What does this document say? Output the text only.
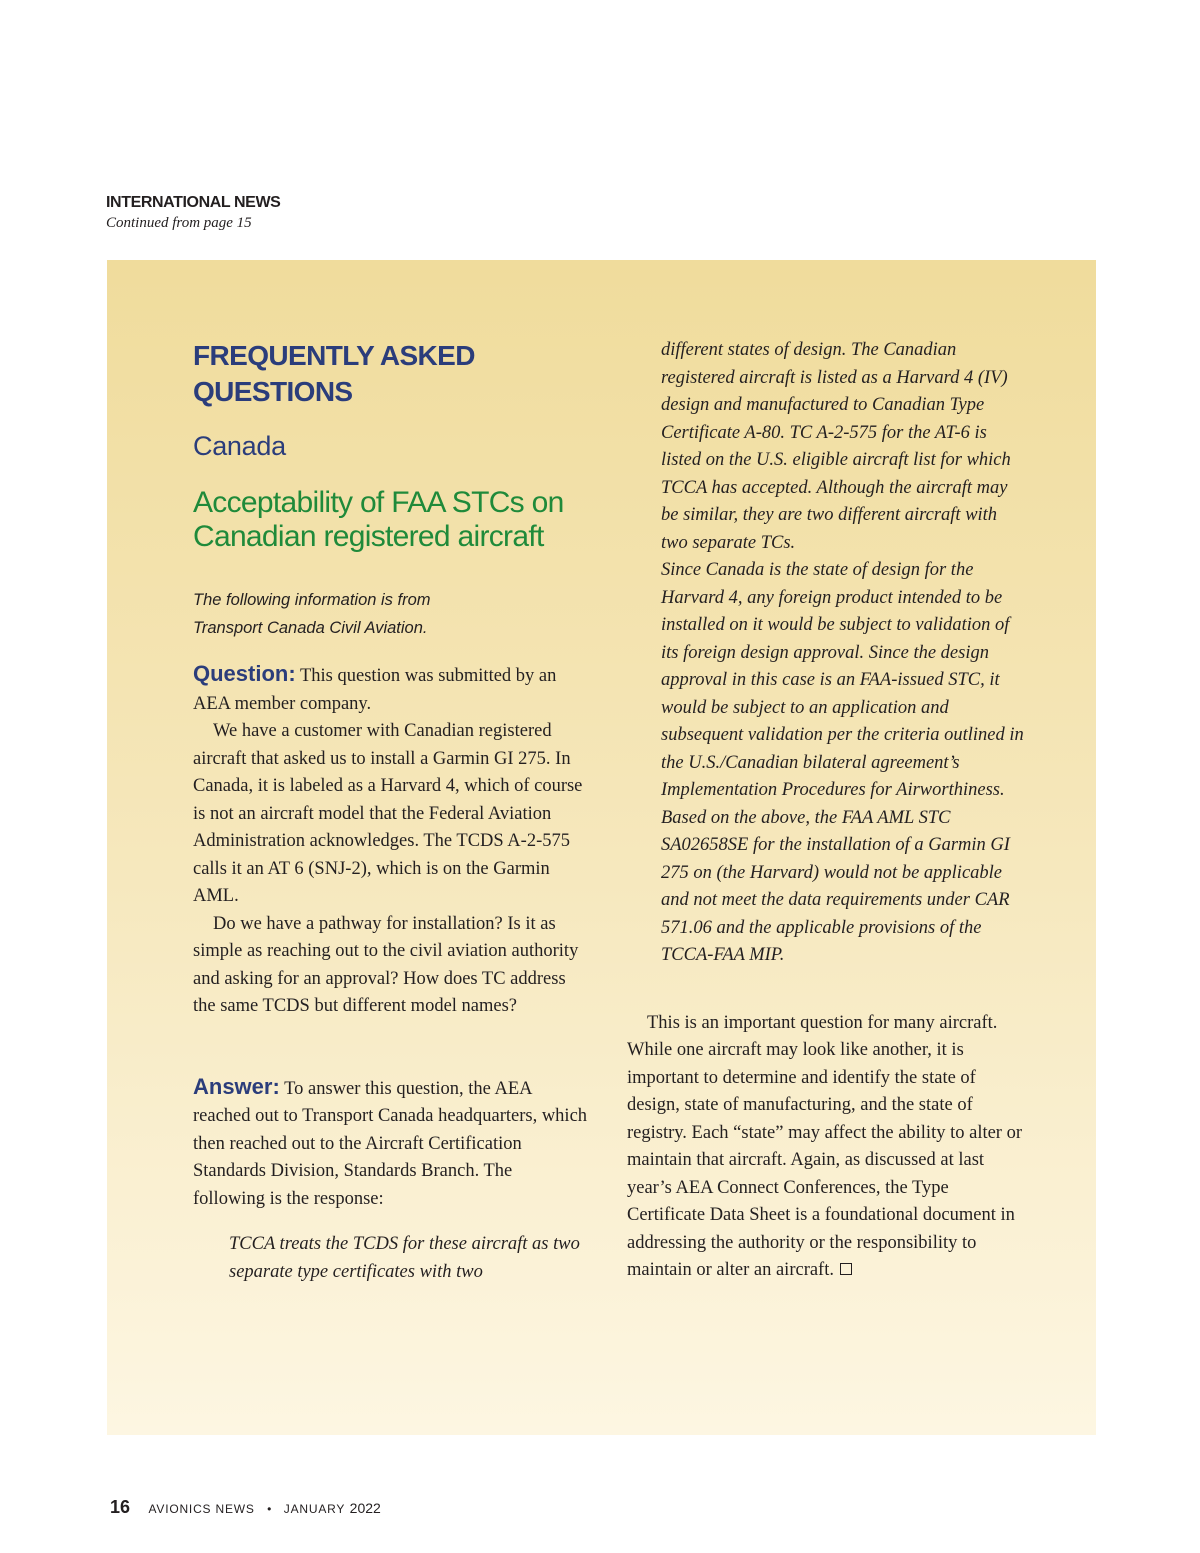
INTERNATIONAL NEWS
Continued from page 15
FREQUENTLY ASKED
QUESTIONS
Canada
Acceptability of FAA STCs on
Canadian registered aircraft
The following information is from
Transport Canada Civil Aviation.

Question: This question was submitted by an AEA member company.

We have a customer with Canadian registered aircraft that asked us to install a Garmin GI 275. In Canada, it is labeled as a Harvard 4, which of course is not an aircraft model that the Federal Aviation Administration acknowledges. The TCDS A-2-575 calls it an AT 6 (SNJ-2), which is on the Garmin AML.

Do we have a pathway for installation? Is it as simple as reaching out to the civil aviation authority and asking for an approval? How does TC address the same TCDS but different model names?

Answer: To answer this question, the AEA reached out to Transport Canada headquarters, which then reached out to the Aircraft Certification Standards Division, Standards Branch. The following is the response:

TCCA treats the TCDS for these aircraft as two separate type certificates with two

different states of design. The Canadian registered aircraft is listed as a Harvard 4 (IV) design and manufactured to Canadian Type Certificate A-80. TC A-2-575 for the AT-6 is listed on the U.S. eligible aircraft list for which TCCA has accepted. Although the aircraft may be similar, they are two different aircraft with two separate TCs.

Since Canada is the state of design for the Harvard 4, any foreign product intended to be installed on it would be subject to validation of its foreign design approval. Since the design approval in this case is an FAA-issued STC, it would be subject to an application and subsequent validation per the criteria outlined in the U.S./Canadian bilateral agreement’s Implementation Procedures for Airworthiness.

Based on the above, the FAA AML STC SA02658SE for the installation of a Garmin GI 275 on (the Harvard) would not be applicable and not meet the data requirements under CAR 571.06 and the applicable provisions of the TCCA-FAA MIP.

This is an important question for many aircraft. While one aircraft may look like another, it is important to determine and identify the state of design, state of manufacturing, and the state of registry. Each “state” may affect the ability to alter or maintain that aircraft. Again, as discussed at last year’s AEA Connect Conferences, the Type Certificate Data Sheet is a foundational document in addressing the authority or the responsibility to maintain or alter an aircraft.

16 AVIONICS NEWS • JANUARY 2022
